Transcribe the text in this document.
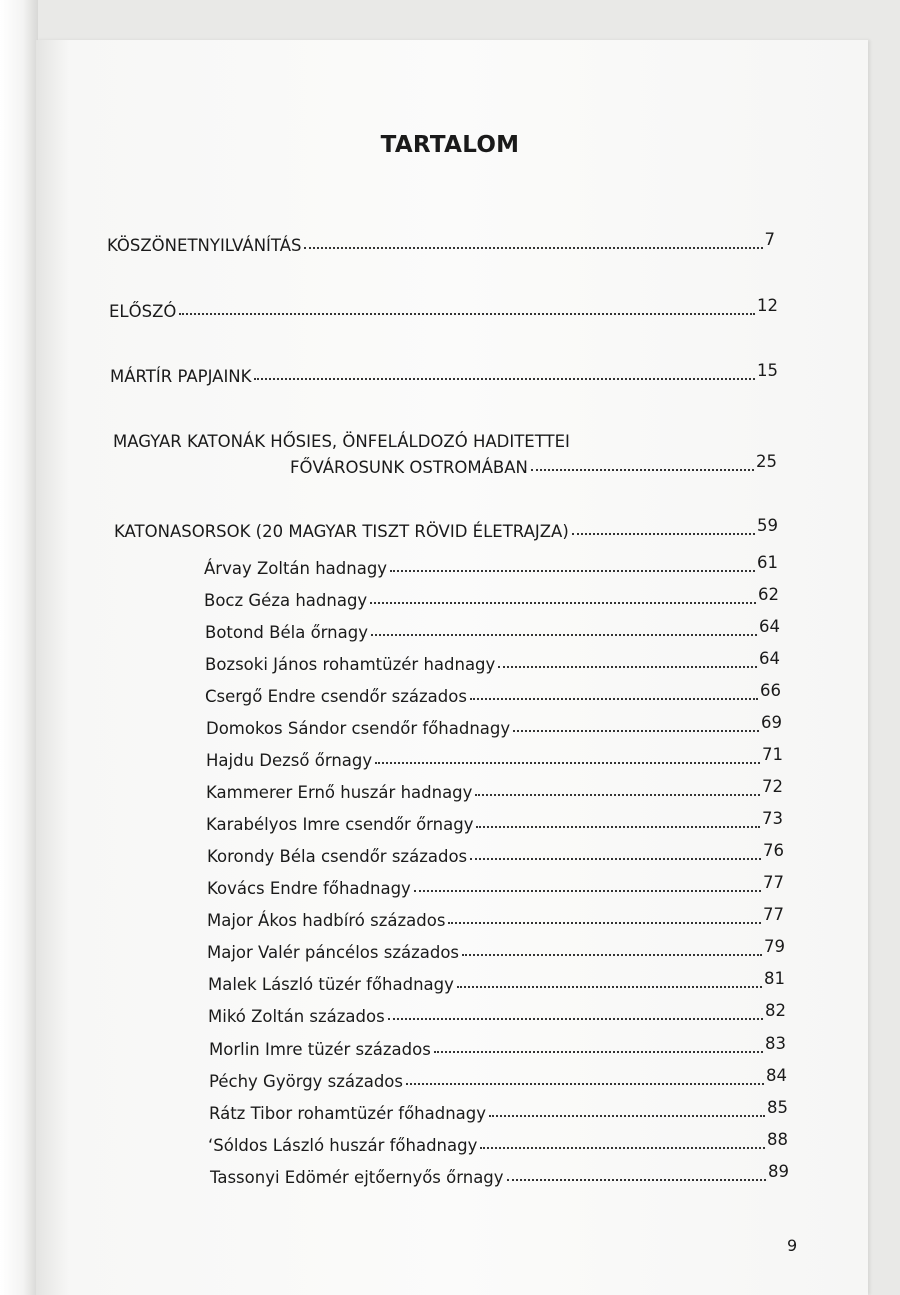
TARTALOM
KÖSZÖNETNYILVÁNÍTÁS	7
ELŐSZÓ	12
MÁRTÍR PAPJAINK	15
MAGYAR KATONÁK HŐSIES, ÖNFELÁLDOZÓ HADITETTEI
FŐVÁROSUNK OSTROMÁBAN	25
KATONASORSOK (20 MAGYAR TISZT RÖVID ÉLETRAJZA)	59
Árvay Zoltán hadnagy	61
Bocz Géza hadnagy	62
Botond Béla őrnagy	64
Bozsoki János rohamtüzér hadnagy	64
Csergő Endre csendőr százados	66
Domokos Sándor csendőr főhadnagy	69
Hajdu Dezső őrnagy	71
Kammerer Ernő huszár hadnagy	72
Karabélyos Imre csendőr őrnagy	73
Korondy Béla csendőr százados	76
Kovács Endre főhadnagy	77
Major Ákos hadbíró százados	77
Major Valér páncélos százados	79
Malek László tüzér főhadnagy	81
Mikó Zoltán százados	82
Morlin Imre tüzér százados	83
Péchy György százados	84
Rátz Tibor rohamtüzér főhadnagy	85
‘Sóldos László huszár főhadnagy	88
Tassonyi Edömér ejtőernyős őrnagy	89
9
